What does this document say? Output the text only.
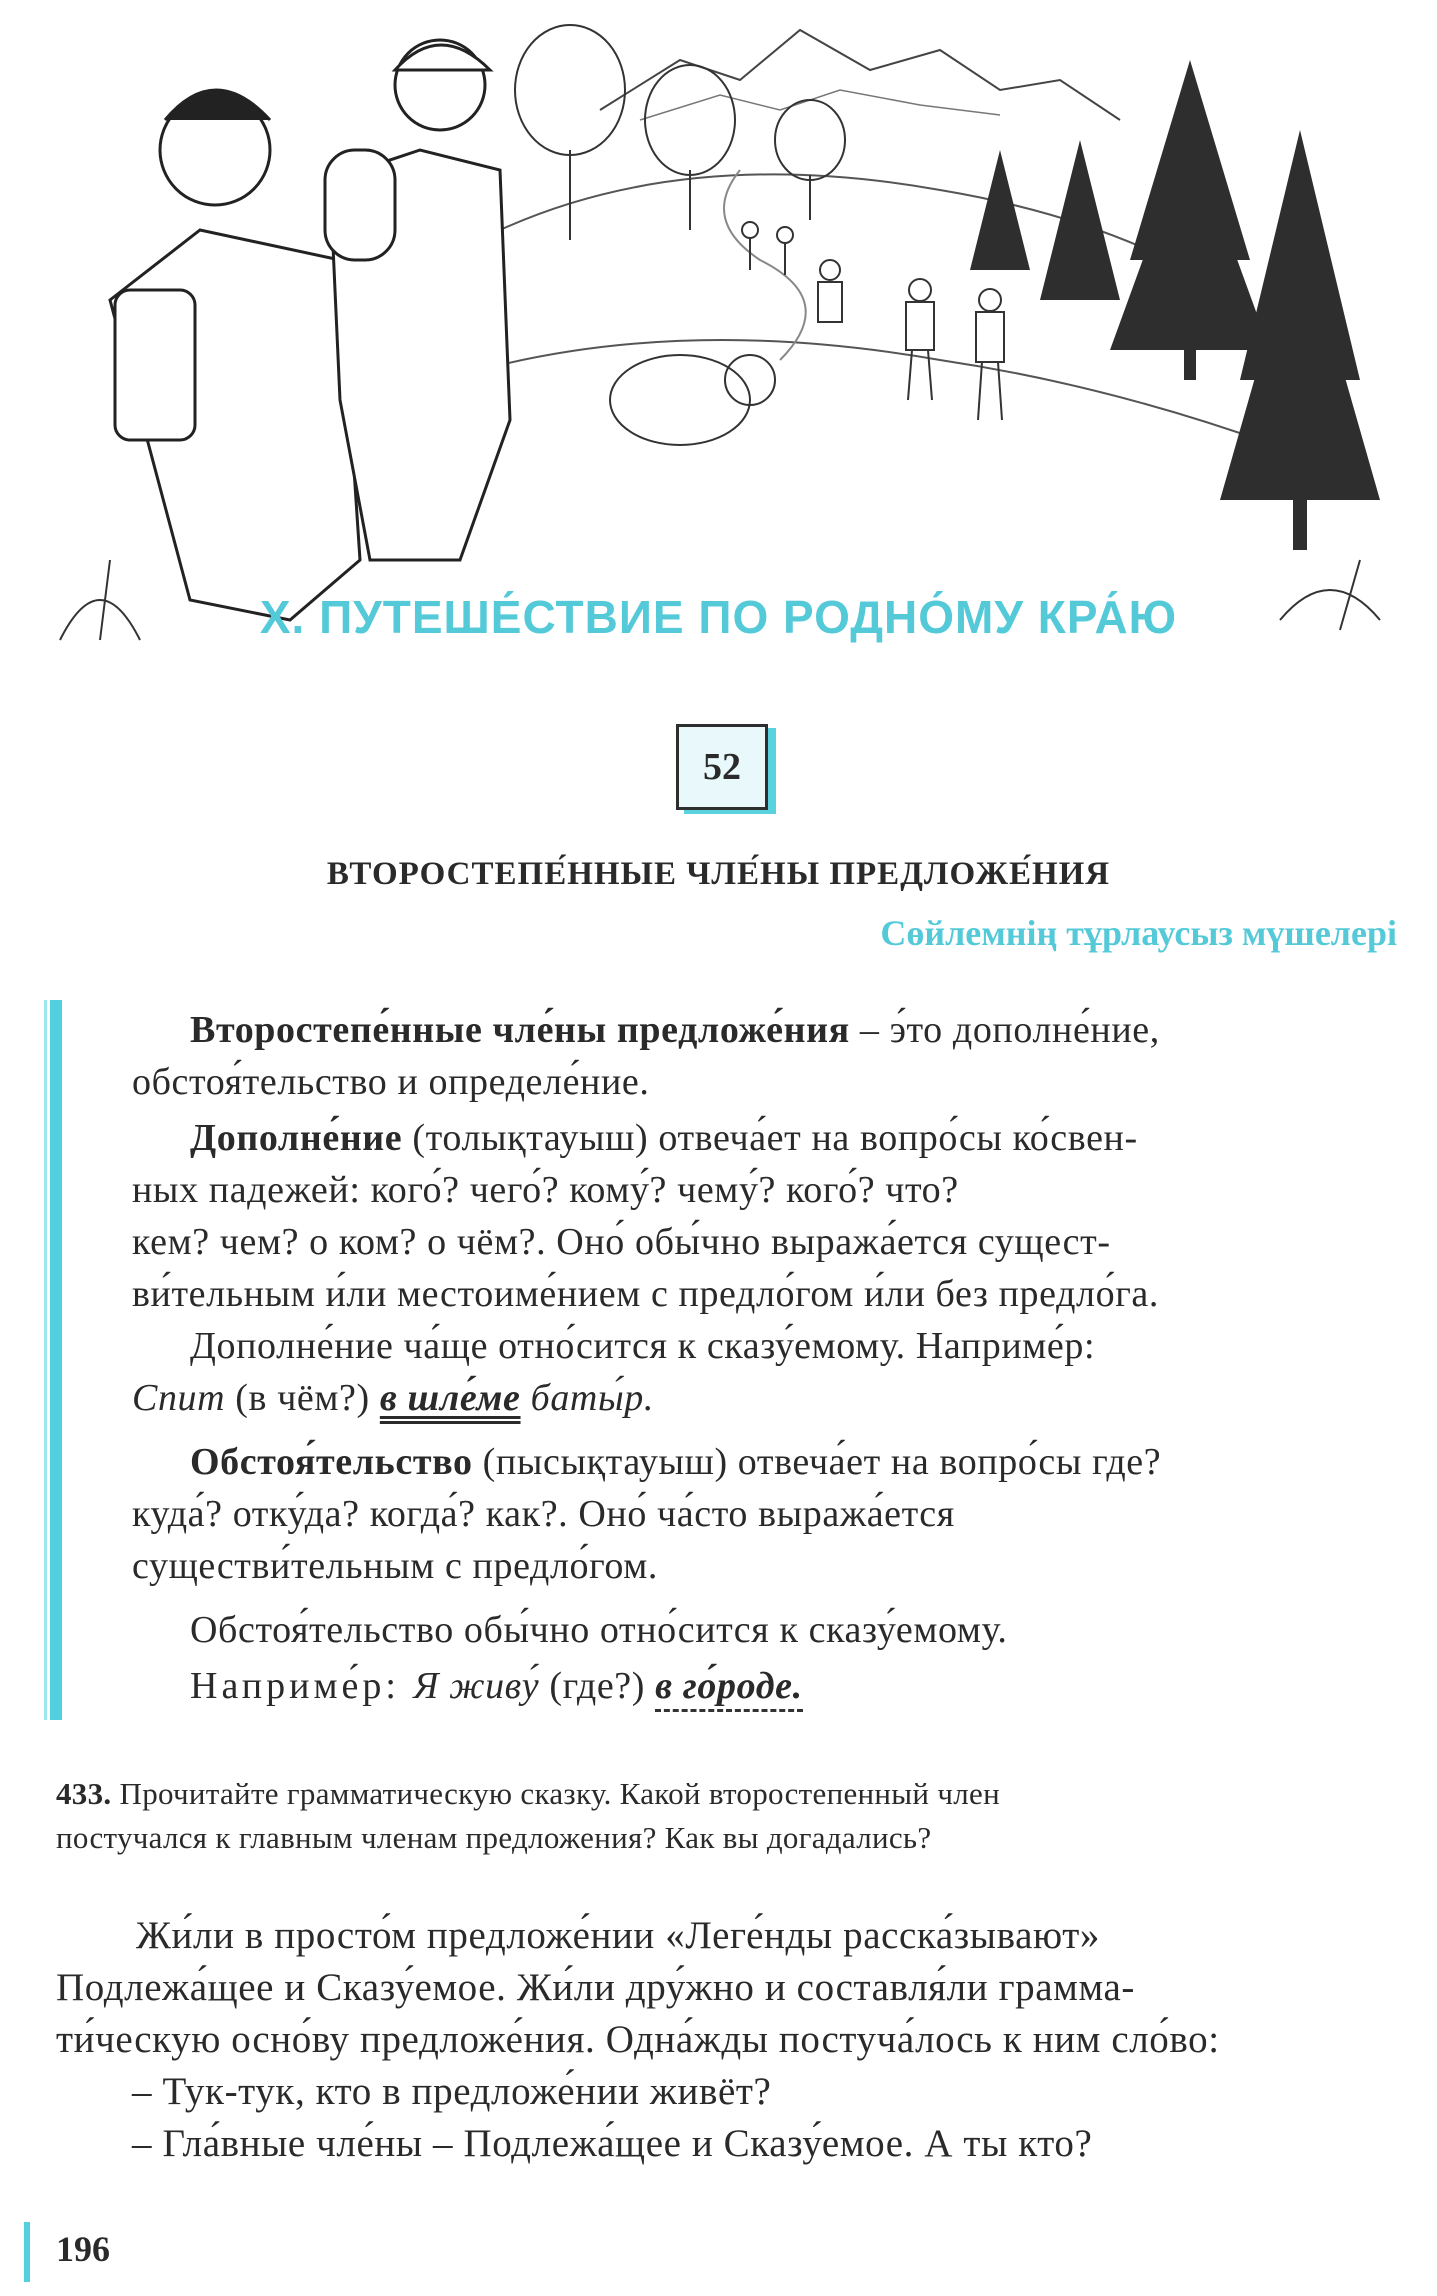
X. ПУТЕШЕ́СТВИЕ ПО РОДНО́МУ КРА́Ю
52
ВТОРОСТЕПЕ́ННЫЕ ЧЛЕ́НЫ ПРЕДЛОЖЕ́НИЯ
Сөйлемнің тұрлаусыз мүшелері
Второстепе́нные чле́ны предложе́ния – э́то дополне́ние,
обстоя́тельство и определе́ние.
Дополне́ние (толықтауыш) отвеча́ет на вопро́сы ко́свен-
ных падежей: кого́? чего́? кому́? чему́? кого́? что?
кем? чем? о ком? о чём?. Оно́ обы́чно выража́ется сущест-
ви́тельным и́ли местоиме́нием с предло́гом и́ли без предло́га.
Дополне́ние ча́ще отно́сится к сказу́емому. Наприме́р:
Спит (в чём?) в шле́ме баты́р.
Обстоя́тельство (пысықтауыш) отвеча́ет на вопро́сы где?
куда́? отку́да? когда́? как?. Оно́ ча́сто выража́ется
существи́тельным с предло́гом.
Обстоя́тельство обы́чно отно́сится к сказу́емому.
Наприме́р: Я живу́ (где?) в го́роде.
433. Прочитайте грамматическую сказку. Какой второстепенный член
постучался к главным членам предложения? Как вы догадались?
Жи́ли в просто́м предложе́нии «Леге́нды расска́зывают»
Подлежа́щее и Сказу́емое. Жи́ли дру́жно и составля́ли грамма-
ти́ческую осно́ву предложе́ния. Одна́жды постуча́лось к ним сло́во:
– Тук-тук, кто в предложе́нии живёт?
– Гла́вные чле́ны – Подлежа́щее и Сказу́емое. А ты кто?
196
